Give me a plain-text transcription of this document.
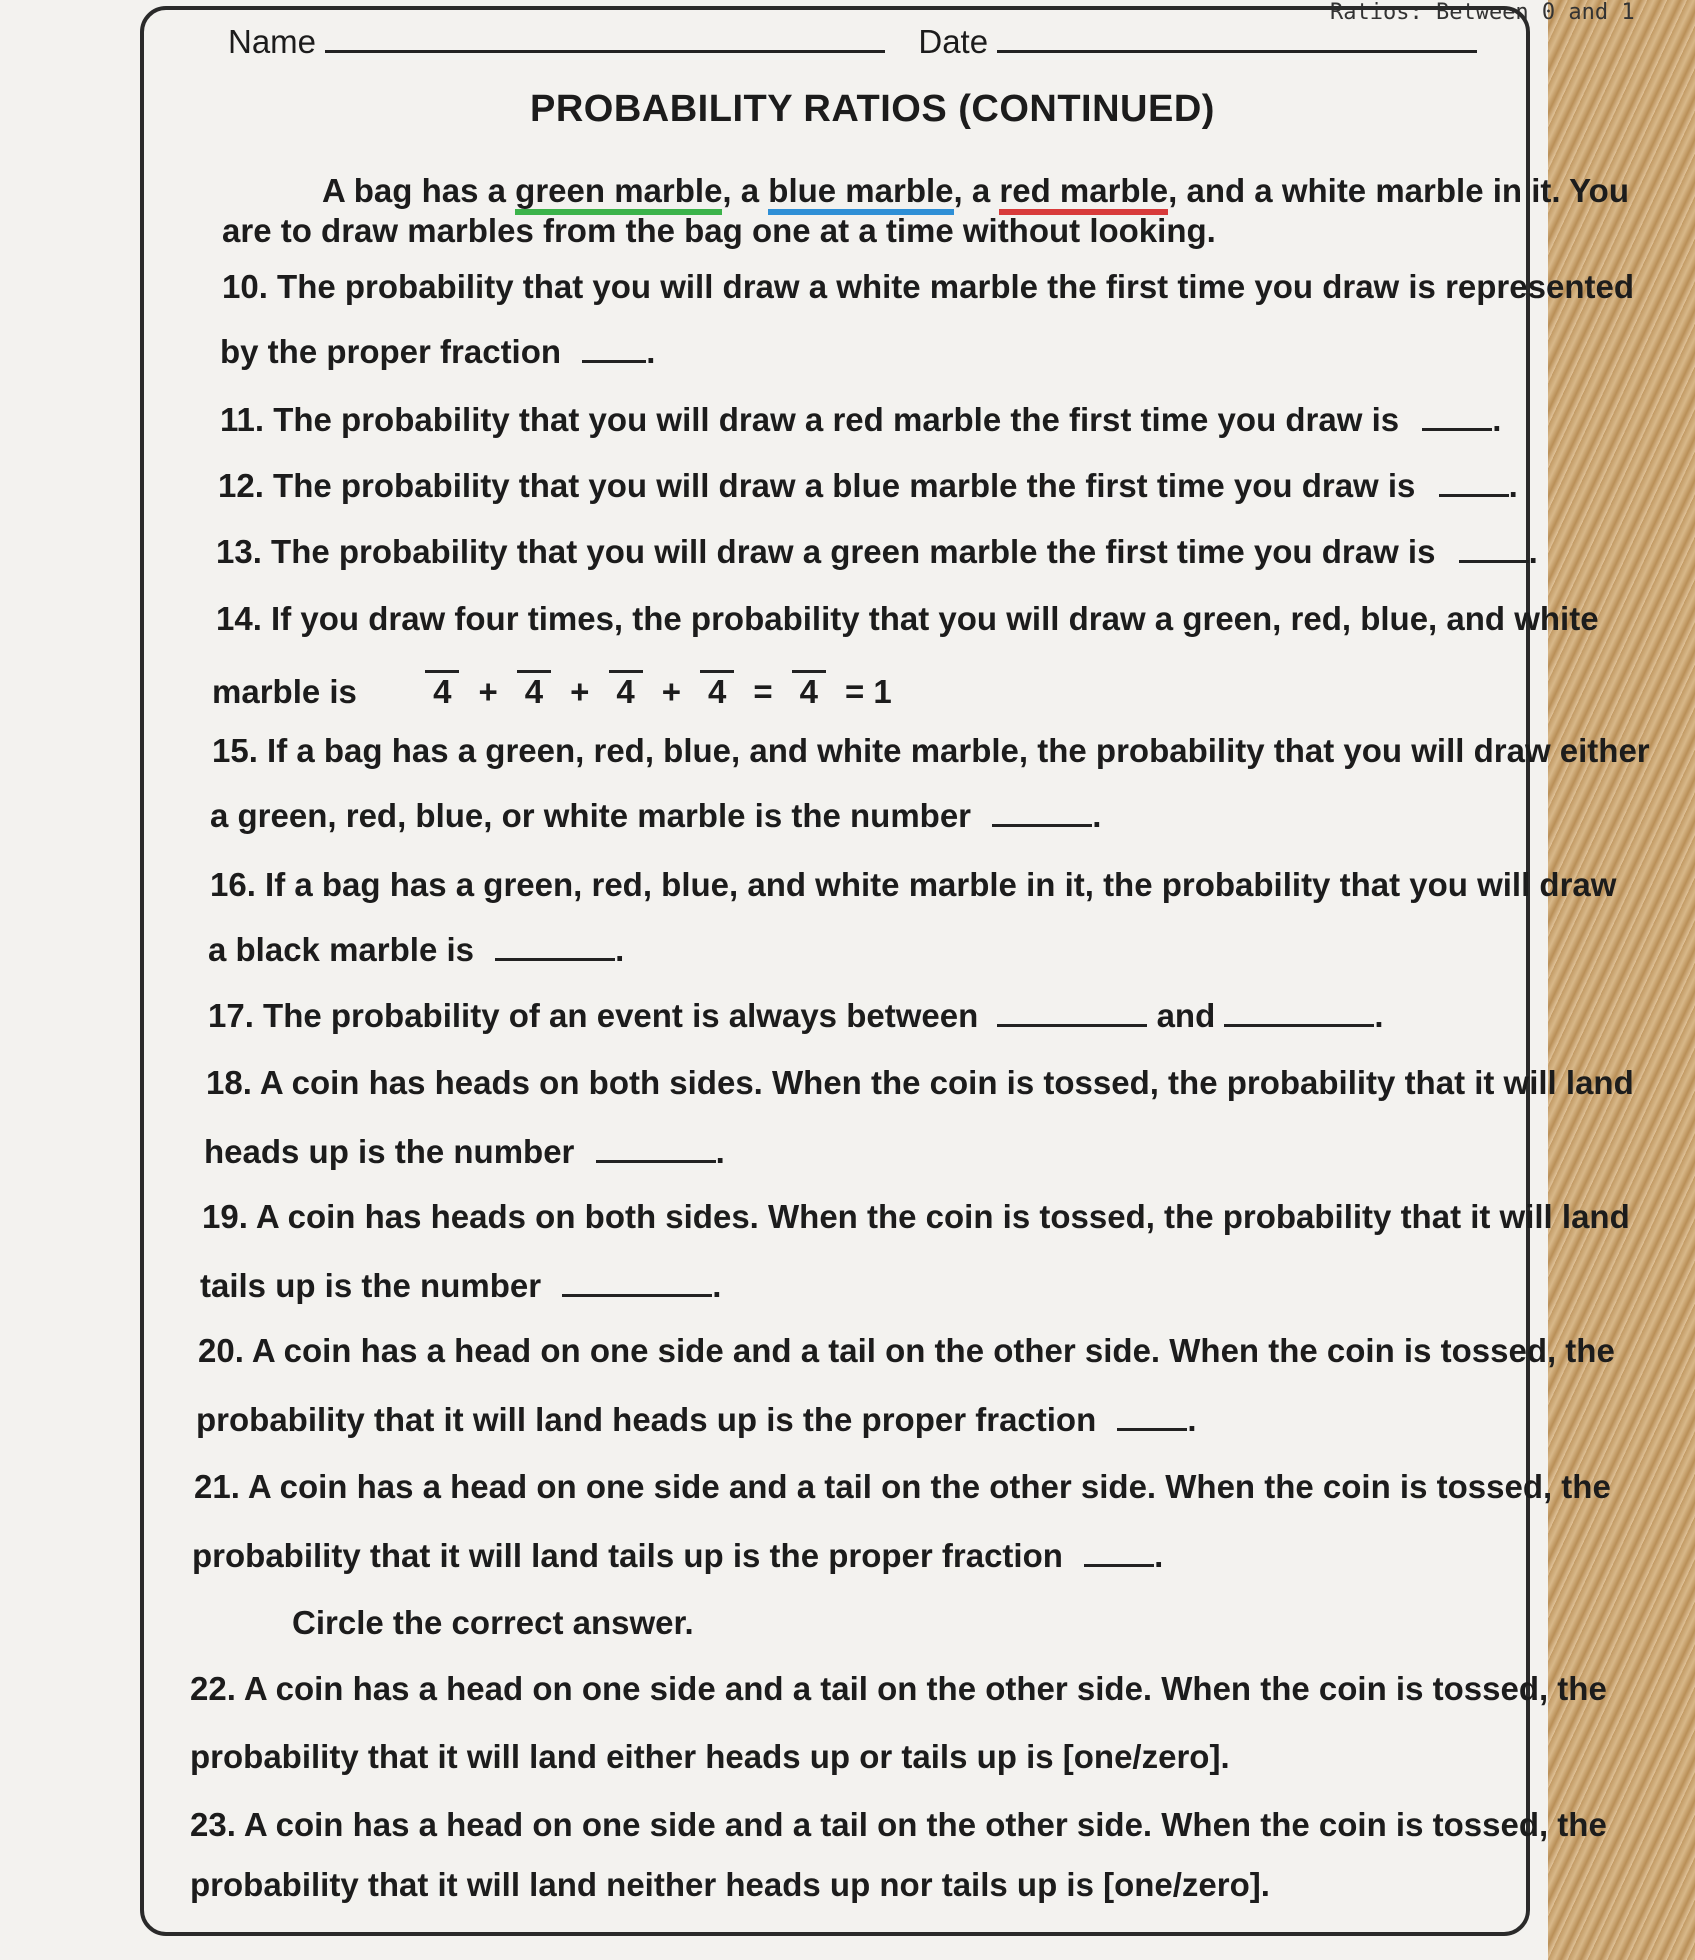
Ratios: Between 0 and 1
Name	Date
PROBABILITY RATIOS (CONTINUED)
A bag has a green marble, a blue marble, a red marble, and a white marble in it. You
are to draw marbles from the bag one at a time without looking.
10. The probability that you will draw a white marble the first time you draw is represented
by the proper fraction	.
11. The probability that you will draw a red marble the first time you draw is	.
12. The probability that you will draw a blue marble the first time you draw is	.
13. The probability that you will draw a green marble the first time you draw is	.
14. If you draw four times, the probability that you will draw a green, red, blue, and white
marble is 4 + 4 + 4 + 4 = 4 = 1
15. If a bag has a green, red, blue, and white marble, the probability that you will draw either
a green, red, blue, or white marble is the number	.
16. If a bag has a green, red, blue, and white marble in it, the probability that you will draw
a black marble is	.
17. The probability of an event is always between	and	.
18. A coin has heads on both sides. When the coin is tossed, the probability that it will land
heads up is the number	.
19. A coin has heads on both sides. When the coin is tossed, the probability that it will land
tails up is the number	.
20. A coin has a head on one side and a tail on the other side. When the coin is tossed, the
probability that it will land heads up is the proper fraction	.
21. A coin has a head on one side and a tail on the other side. When the coin is tossed, the
probability that it will land tails up is the proper fraction	.
Circle the correct answer.
22. A coin has a head on one side and a tail on the other side. When the coin is tossed, the
probability that it will land either heads up or tails up is [one/zero].
23. A coin has a head on one side and a tail on the other side. When the coin is tossed, the
probability that it will land neither heads up nor tails up is [one/zero].
